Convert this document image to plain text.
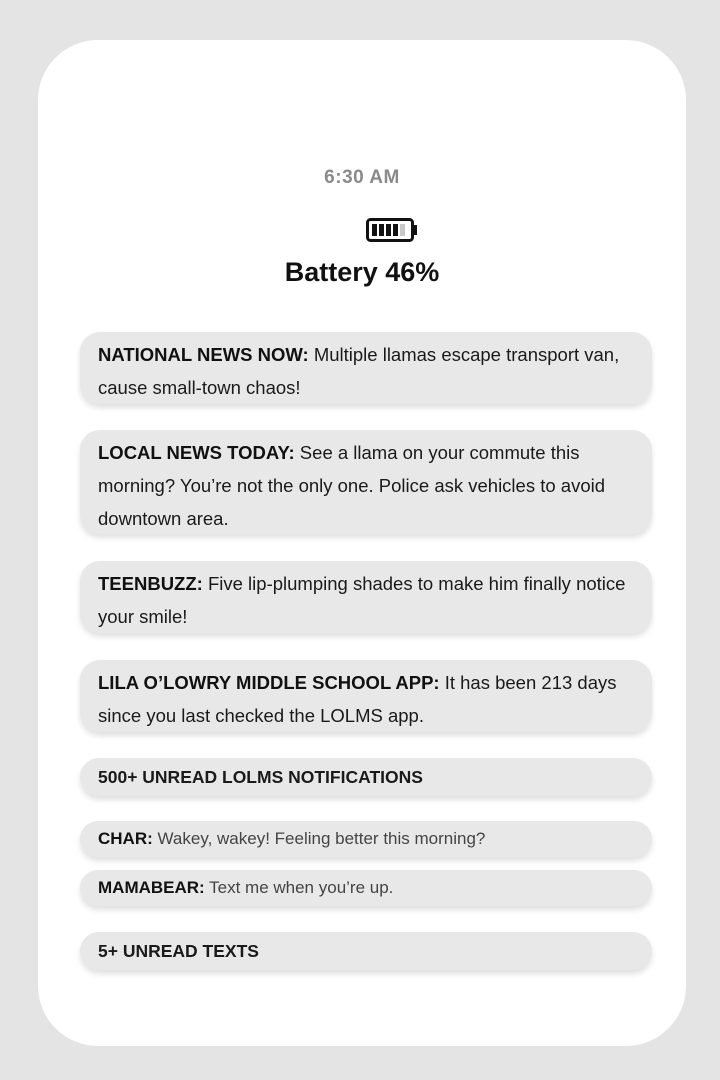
6:30 AM
Battery 46%
NATIONAL NEWS NOW: Multiple llamas escape transport van, cause small-town chaos!
LOCAL NEWS TODAY: See a llama on your commute this morning? You’re not the only one. Police ask vehicles to avoid downtown area.
TEENBUZZ: Five lip-plumping shades to make him finally notice your smile!
LILA O’LOWRY MIDDLE SCHOOL APP: It has been 213 days since you last checked the LOLMS app.
500+ UNREAD LOLMS NOTIFICATIONS
CHAR: Wakey, wakey! Feeling better this morning?
MAMABEAR: Text me when you’re up.
5+ UNREAD TEXTS
